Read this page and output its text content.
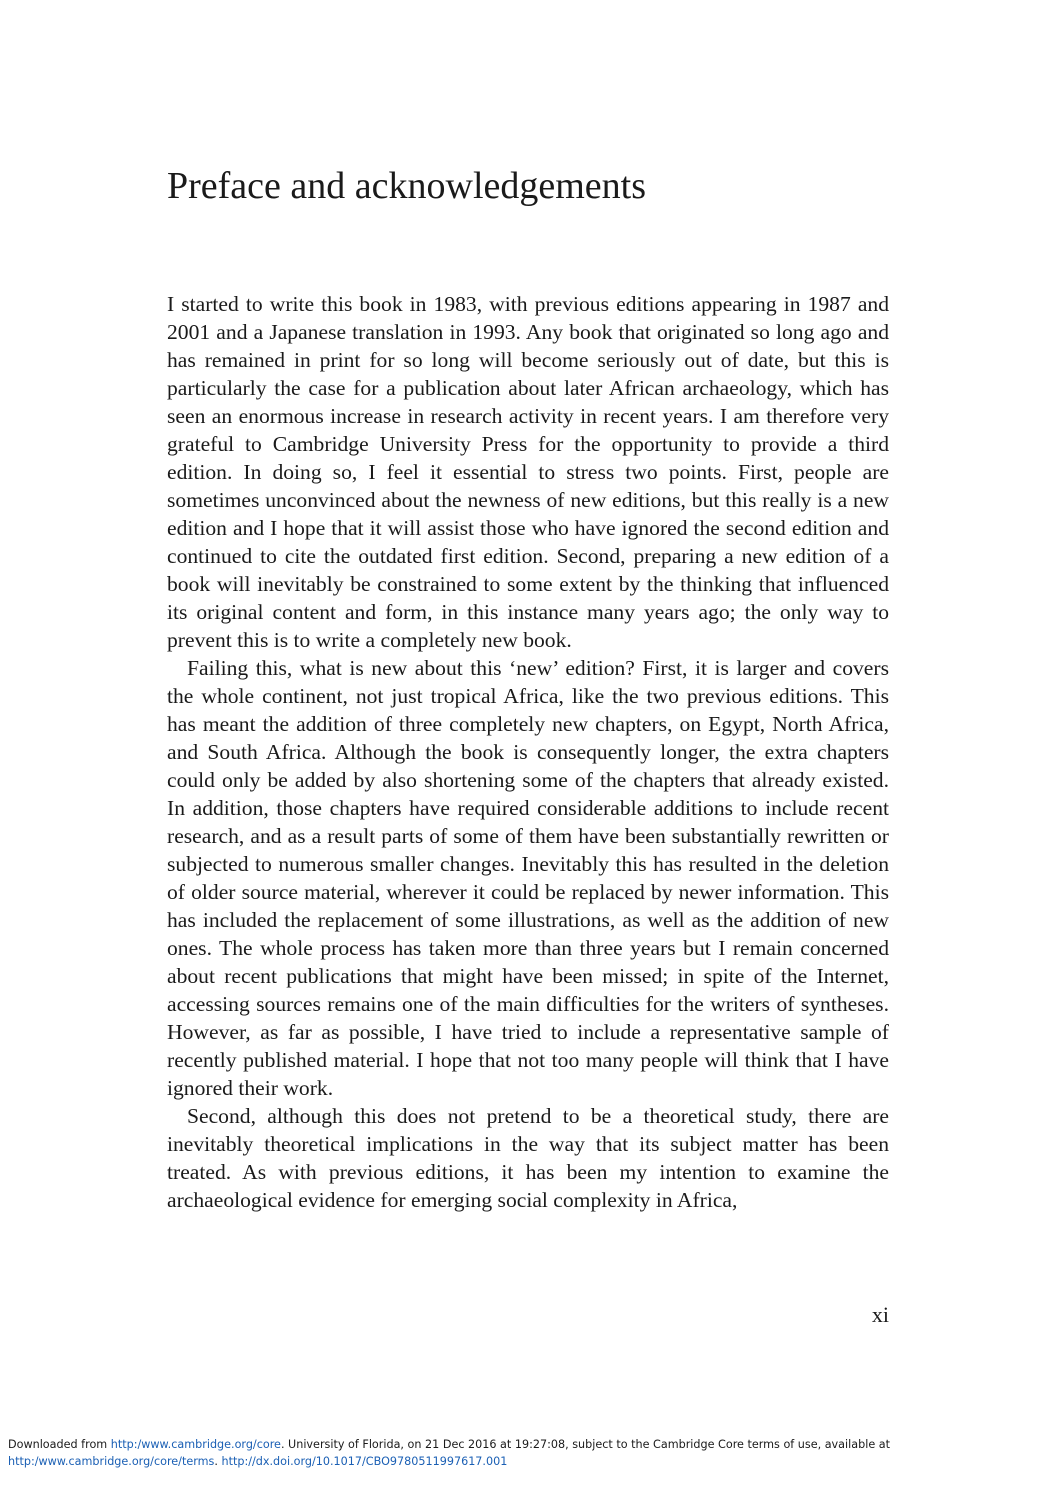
Preface and acknowledgements

I started to write this book in 1983, with previous editions appearing in 1987 and 2001 and a Japanese translation in 1993. Any book that originated so long ago and has remained in print for so long will become seriously out of date, but this is particularly the case for a publication about later African archaeology, which has seen an enormous increase in research activity in recent years. I am therefore very grateful to Cambridge University Press for the opportunity to provide a third edition. In doing so, I feel it essential to stress two points. First, people are sometimes unconvinced about the newness of new editions, but this really is a new edition and I hope that it will assist those who have ignored the second edition and continued to cite the outdated first edition. Second, preparing a new edition of a book will inevitably be constrained to some extent by the thinking that influenced its original content and form, in this instance many years ago; the only way to prevent this is to write a completely new book.

Failing this, what is new about this ‘new’ edition? First, it is larger and covers the whole continent, not just tropical Africa, like the two previous editions. This has meant the addition of three completely new chapters, on Egypt, North Africa, and South Africa. Although the book is consequently longer, the extra chapters could only be added by also shortening some of the chapters that already existed. In addition, those chapters have required considerable additions to include recent research, and as a result parts of some of them have been substantially rewritten or subjected to numerous smaller changes. Inevitably this has resulted in the deletion of older source material, wherever it could be replaced by newer information. This has included the replacement of some illustrations, as well as the addition of new ones. The whole process has taken more than three years but I remain concerned about recent publications that might have been missed; in spite of the Internet, accessing sources remains one of the main difficulties for the writers of syntheses. However, as far as possible, I have tried to include a representative sample of recently published material. I hope that not too many people will think that I have ignored their work.

Second, although this does not pretend to be a theoretical study, there are inevitably theoretical implications in the way that its subject matter has been treated. As with previous editions, it has been my intention to examine the archaeological evidence for emerging social complexity in Africa,

xi
Downloaded from http:/www.cambridge.org/core. University of Florida, on 21 Dec 2016 at 19:27:08, subject to the Cambridge Core terms of use, available at
http:/www.cambridge.org/core/terms. http://dx.doi.org/10.1017/CBO9780511997617.001
